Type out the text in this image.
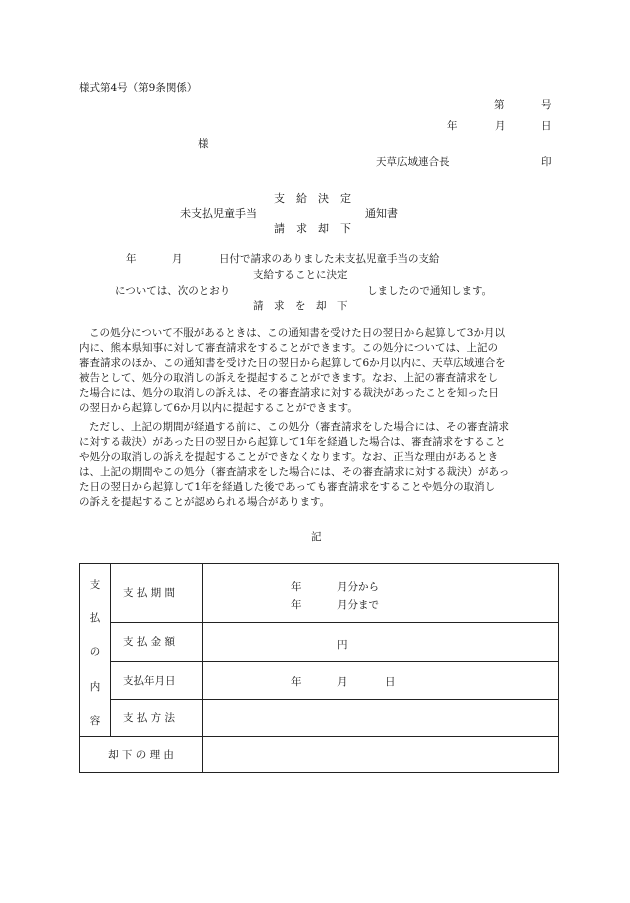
様式第4号（第9条関係）
第	号
年	月	日
様
天草広域連合長	印
支　給　決　定
未支払児童手当	通知書
請　求　却　下
年	月	日付で請求のありました未支払児童手当の支給
支給することに決定
については、次のとおり	しましたので通知します。
請　求　を　却　下
この処分について不服があるときは、この通知書を受けた日の翌日から起算して3か月以
内に、熊本県知事に対して審査請求をすることができます。この処分については、上記の
審査請求のほか、この通知書を受けた日の翌日から起算して6か月以内に、天草広域連合を
被告として、処分の取消しの訴えを提起することができます。なお、上記の審査請求をし
た場合には、処分の取消しの訴えは、その審査請求に対する裁決があったことを知った日
の翌日から起算して6か月以内に提起することができます。
ただし、上記の期間が経過する前に、この処分（審査請求をした場合には、その審査請求
に対する裁決）があった日の翌日から起算して1年を経過した場合は、審査請求をすること
や処分の取消しの訴えを提起することができなくなります。なお、正当な理由があるとき
は、上記の期間やこの処分（審査請求をした場合には、その審査請求に対する裁決）があっ
た日の翌日から起算して1年を経過した後であっても審査請求をすることや処分の取消し
の訴えを提起することが認められる場合があります。
記
支
払
の
内
容	支 払 期 間	年 月分から
年 月分まで

	支 払 金 額	円

	支払年月日	年 月 日

	支 払 方 法	
却 下 の 理 由		
